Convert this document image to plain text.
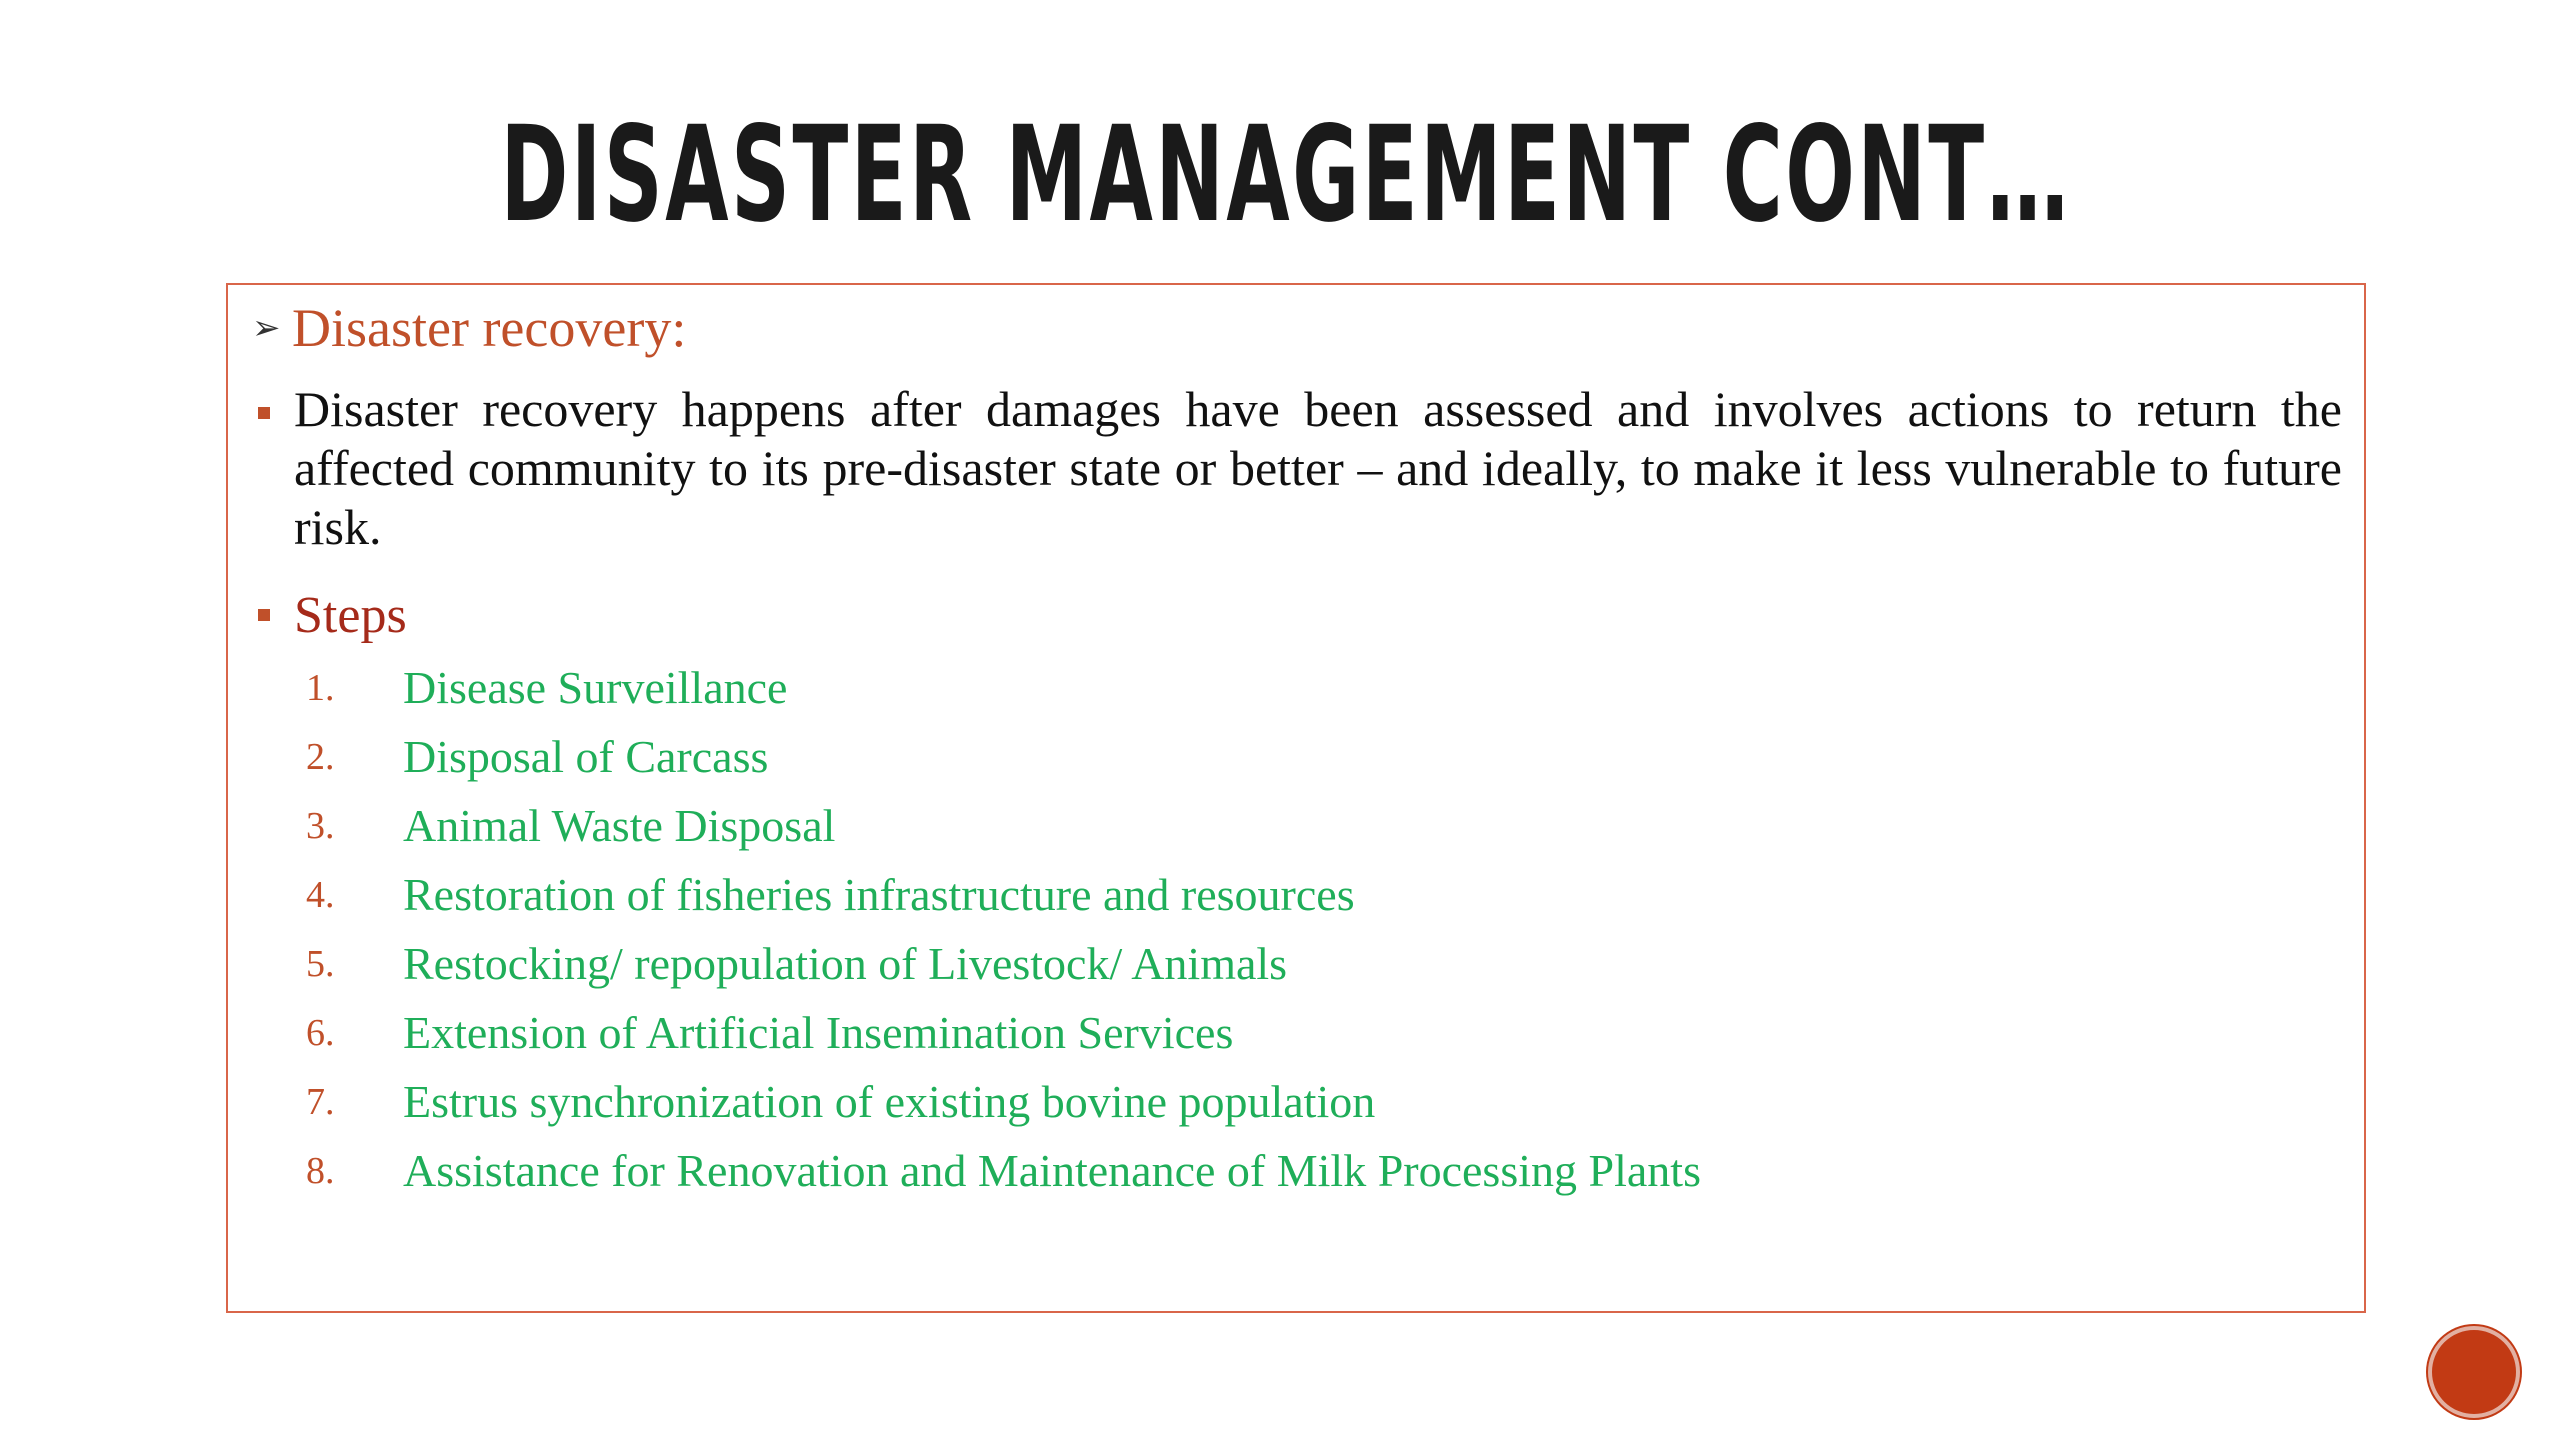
DISASTER MANAGEMENT CONT…
➢ Disaster recovery:
Disaster recovery happens after damages have been assessed and involves actions to return the affected community to its pre-disaster state or better – and ideally, to make it less vulnerable to future risk.
Steps
1.	Disease Surveillance
2.	Disposal of Carcass
3.	Animal Waste Disposal
4.	Restoration of fisheries infrastructure and resources
5.	Restocking/ repopulation of Livestock/ Animals
6.	Extension of Artificial Insemination Services
7.	Estrus synchronization of existing bovine population
8.	Assistance for Renovation and Maintenance of Milk Processing Plants
